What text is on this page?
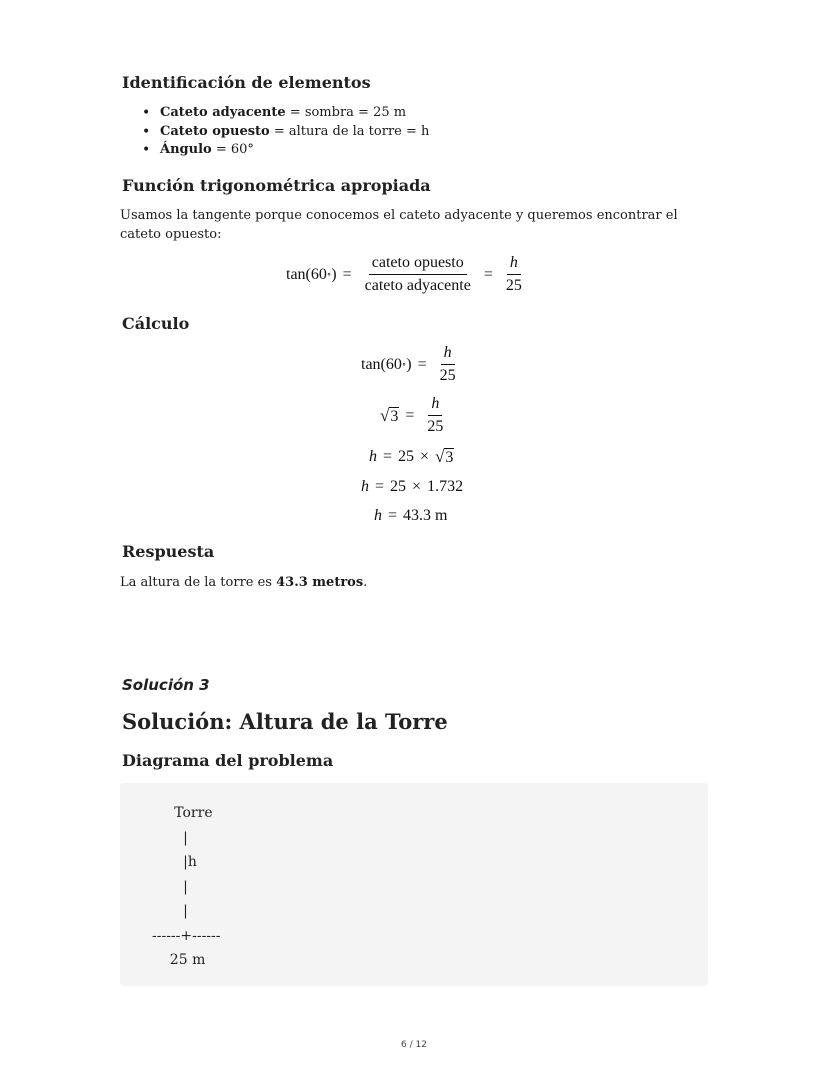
Identificación de elementos
• Cateto adyacente = sombra = 25 m
• Cateto opuesto = altura de la torre = h
• Ángulo = 60°
Función trigonométrica apropiada

Usamos la tangente porque conocemos el cateto adyacente y queremos encontrar el cateto opuesto:

tan(60 ∘ ) = $\frac{\text{cateto opuesto}}{\text{cateto adyacente}} = \frac{h}{25}$
Cálculo
tan(60 ∘ ) = $\frac{h}{25}$
√ $3 = \frac{h}{25}$
h = 25 × √ 3
h = 25 × 1.732
h = 43.3 m
Respuesta

La altura de la torre es 43.3 metros.

Solución 3
Solución: Altura de la Torre
Diagrama del problema
Torre
|
|h
|
|
------+------
25 m
6 / 12
